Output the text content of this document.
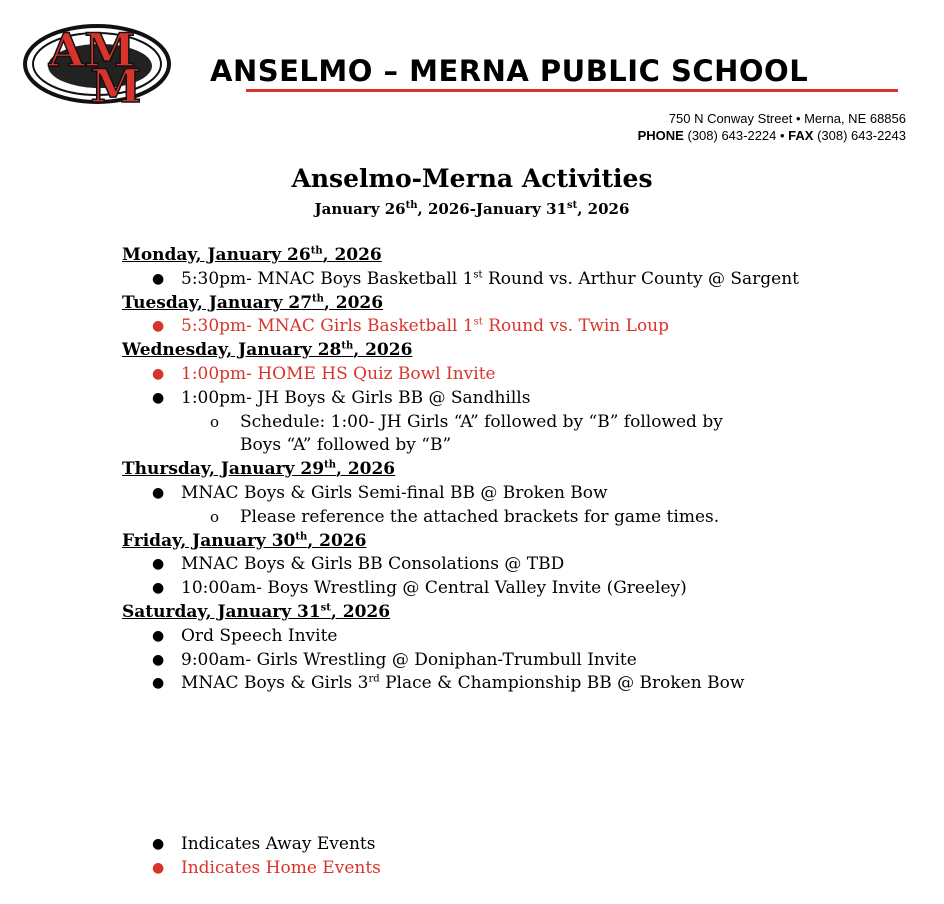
AM
M ANSELMO – MERNA PUBLIC SCHOOL
750 N Conway Street • Merna, NE 68856
PHONE (308) 643-2224 • FAX (308) 643-2243
Anselmo-Merna Activities
January 26th, 2026-January 31st, 2026
Monday, January 26th, 2026
● 5:30pm- MNAC Boys Basketball 1st Round vs. Arthur County @ Sargent
Tuesday, January 27th, 2026
● 5:30pm- MNAC Girls Basketball 1st Round vs. Twin Loup
Wednesday, January 28th, 2026
● 1:00pm- HOME HS Quiz Bowl Invite
● 1:00pm- JH Boys & Girls BB @ Sandhills
o Schedule: 1:00- JH Girls “A” followed by “B” followed by Boys “A” followed by “B”
Thursday, January 29th, 2026
● MNAC Boys & Girls Semi-final BB @ Broken Bow
o Please reference the attached brackets for game times.
Friday, January 30th, 2026
● MNAC Boys & Girls BB Consolations @ TBD
● 10:00am- Boys Wrestling @ Central Valley Invite (Greeley)
Saturday, January 31st, 2026
● Ord Speech Invite
● 9:00am- Girls Wrestling @ Doniphan-Trumbull Invite
● MNAC Boys & Girls 3rd Place & Championship BB @ Broken Bow
● Indicates Away Events
● Indicates Home Events
